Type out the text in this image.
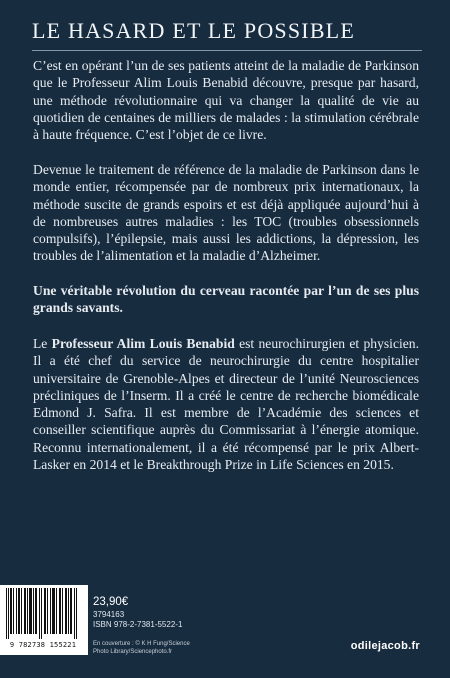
LE HASARD ET LE POSSIBLE

C’est en opérant l’un de ses patients atteint de la maladie de Parkinson que le Professeur Alim Louis Benabid découvre, presque par hasard, une méthode révolutionnaire qui va changer la qualité de vie au quotidien de centaines de milliers de malades : la stimulation cérébrale à haute fréquence. C’est l’objet de ce livre.

Devenue le traitement de référence de la maladie de Parkinson dans le monde entier, récompensée par de nombreux prix internationaux, la méthode suscite de grands espoirs et est déjà appliquée aujourd’hui à de nombreuses autres maladies : les TOC (troubles obsessionnels compulsifs), l’épilepsie, mais aussi les addictions, la dépression, les troubles de l’alimentation et la maladie d’Alzheimer.

Une véritable révolution du cerveau racontée par l’un de ses plus grands savants.

Le Professeur Alim Louis Benabid est neurochirurgien et physicien. Il a été chef du service de neurochirurgie du centre hospitalier universitaire de Grenoble-Alpes et directeur de l’unité Neurosciences précliniques de l’Inserm. Il a créé le centre de recherche biomédicale Edmond J. Safra. Il est membre de l’Académie des sciences et conseiller scientifique auprès du Commissariat à l’énergie atomique. Reconnu internationalement, il a été récompensé par le prix Albert-Lasker en 2014 et le Breakthrough Prize in Life Sciences en 2015.

9 782738 155221
23,90€
3794163
ISBN 978-2-7381-5522-1
En couverture : © K H Fung/Science
Photo Library/Sciencephoto.fr	odilejacob.fr
